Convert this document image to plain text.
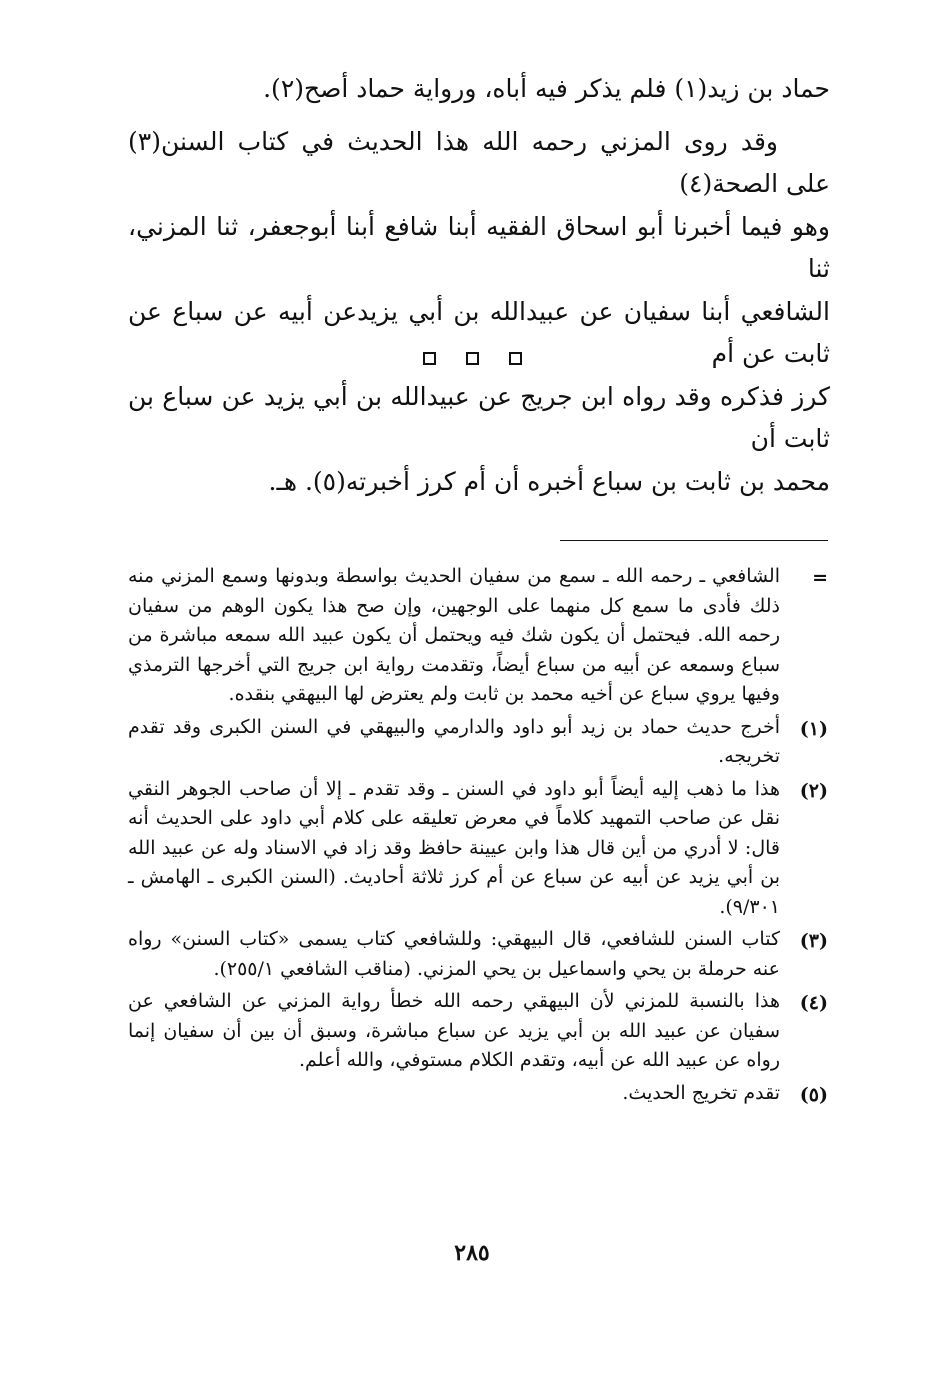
حماد بن زيد(١) فلم يذكر فيه أباه، ورواية حماد أصح(٢).

وقد روى المزني رحمه الله هذا الحديث في كتاب السنن(٣) على الصحة(٤)

وهو فيما أخبرنا أبو اسحاق الفقيه أبنا شافع أبنا أبوجعفر، ثنا المزني، ثنا

الشافعي أبنا سفيان عن عبيدالله بن أبي يزيدعن أبيه عن سباع عن ثابت عن أم

كرز فذكره وقد رواه ابن جريج عن عبيدالله بن أبي يزيد عن سباع بن ثابت أن

محمد بن ثابت بن سباع أخبره أن أم كرز أخبرته(٥). هـ.

=
الشافعي ـ رحمه الله ـ سمع من سفيان الحديث بواسطة وبدونها وسمع المزني منه ذلك فأدى ما سمع كل منهما على الوجهين، وإن صح هذا يكون الوهم من سفيان رحمه الله. فيحتمل أن يكون شك فيه ويحتمل أن يكون عبيد الله سمعه مباشرة من سباع وسمعه عن أبيه من سباع أيضاً، وتقدمت رواية ابن جريج التي أخرجها الترمذي وفيها يروي سباع عن أخيه محمد بن ثابت ولم يعترض لها البيهقي بنقده.
(١)
أخرج حديث حماد بن زيد أبو داود والدارمي والبيهقي في السنن الكبرى وقد تقدم تخريجه.
(٢)
هذا ما ذهب إليه أيضاً أبو داود في السنن ـ وقد تقدم ـ إلا أن صاحب الجوهر النقي نقل عن صاحب التمهيد كلاماً في معرض تعليقه على كلام أبي داود على الحديث أنه قال: لا أدري من أين قال هذا وابن عيينة حافظ وقد زاد في الاسناد وله عن عبيد الله بن أبي يزيد عن أبيه عن سباع عن أم كرز ثلاثة أحاديث. (السنن الكبرى ـ الهامش ـ ٩/٣٠١).
(٣)
كتاب السنن للشافعي، قال البيهقي: وللشافعي كتاب يسمى «كتاب السنن» رواه عنه حرملة بن يحي واسماعيل بن يحي المزني. (مناقب الشافعي ٢٥٥/١).
(٤)
هذا بالنسبة للمزني لأن البيهقي رحمه الله خطأ رواية المزني عن الشافعي عن سفيان عن عبيد الله بن أبي يزيد عن سباع مباشرة، وسبق أن بين أن سفيان إنما رواه عن عبيد الله عن أبيه، وتقدم الكلام مستوفي، والله أعلم.
(٥)
تقدم تخريج الحديث.
٢٨٥
